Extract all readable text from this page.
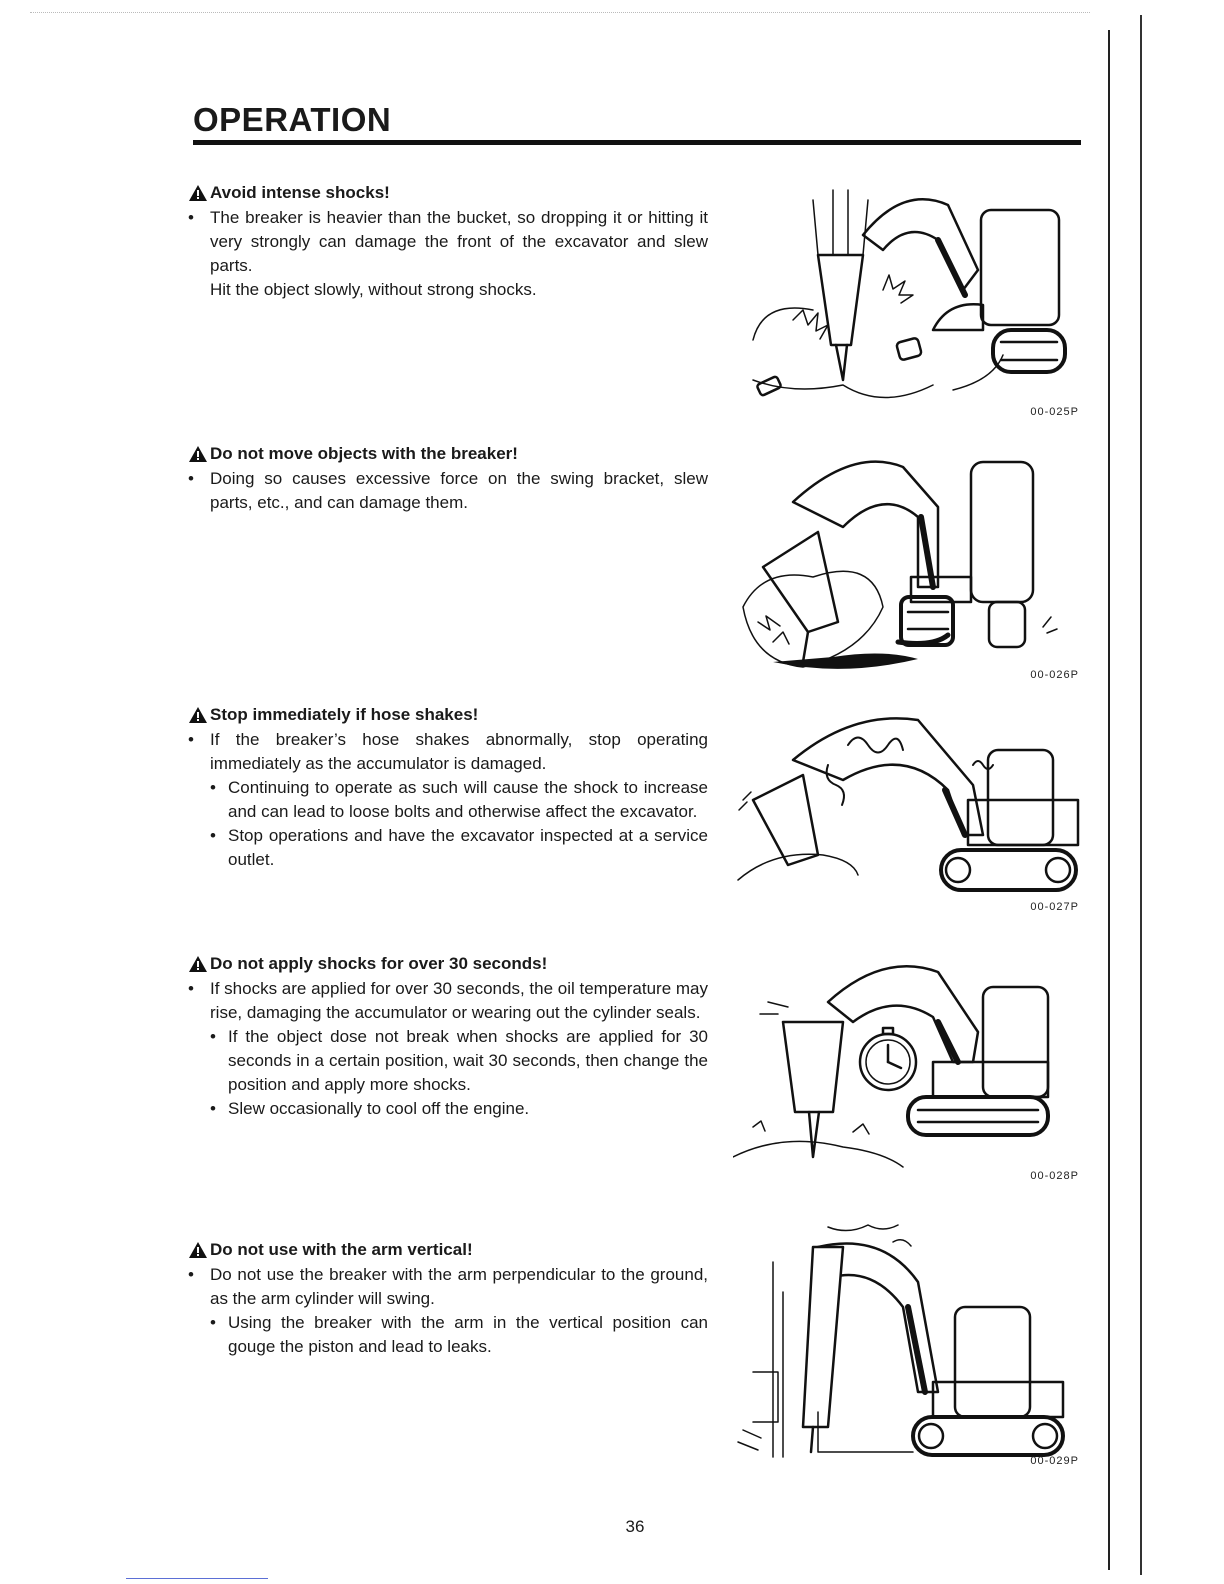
OPERATION
Avoid intense shocks!
• The breaker is heavier than the bucket, so dropping it or hitting it very strongly can damage the front of the excavator and slew parts.
Hit the object slowly, without strong shocks.
Do not move objects with the breaker!
• Doing so causes excessive force on the swing bracket, slew parts, etc., and can damage them.
Stop immediately if hose shakes!
• If the breaker’s hose shakes abnormally, stop operating immediately as the accumulator is damaged.
• Continuing to operate as such will cause the shock to increase and can lead to loose bolts and otherwise affect the excavator.
• Stop operations and have the excavator inspected at a service outlet.
Do not apply shocks for over 30 seconds!
• If shocks are applied for over 30 seconds, the oil temperature may rise, damaging the accumulator or wearing out the cylinder seals.
• If the object dose not break when shocks are applied for 30 seconds in a certain position, wait 30 seconds, then change the position and apply more shocks.
• Slew occasionally to cool off the engine.
Do not use with the arm vertical!
• Do not use the breaker with the arm perpendicular to the ground, as the arm cylinder will swing.
• Using the breaker with the arm in the vertical position can gouge the piston and lead to leaks.
00-025P
00-026P
00-027P
00-028P
00-029P
36
